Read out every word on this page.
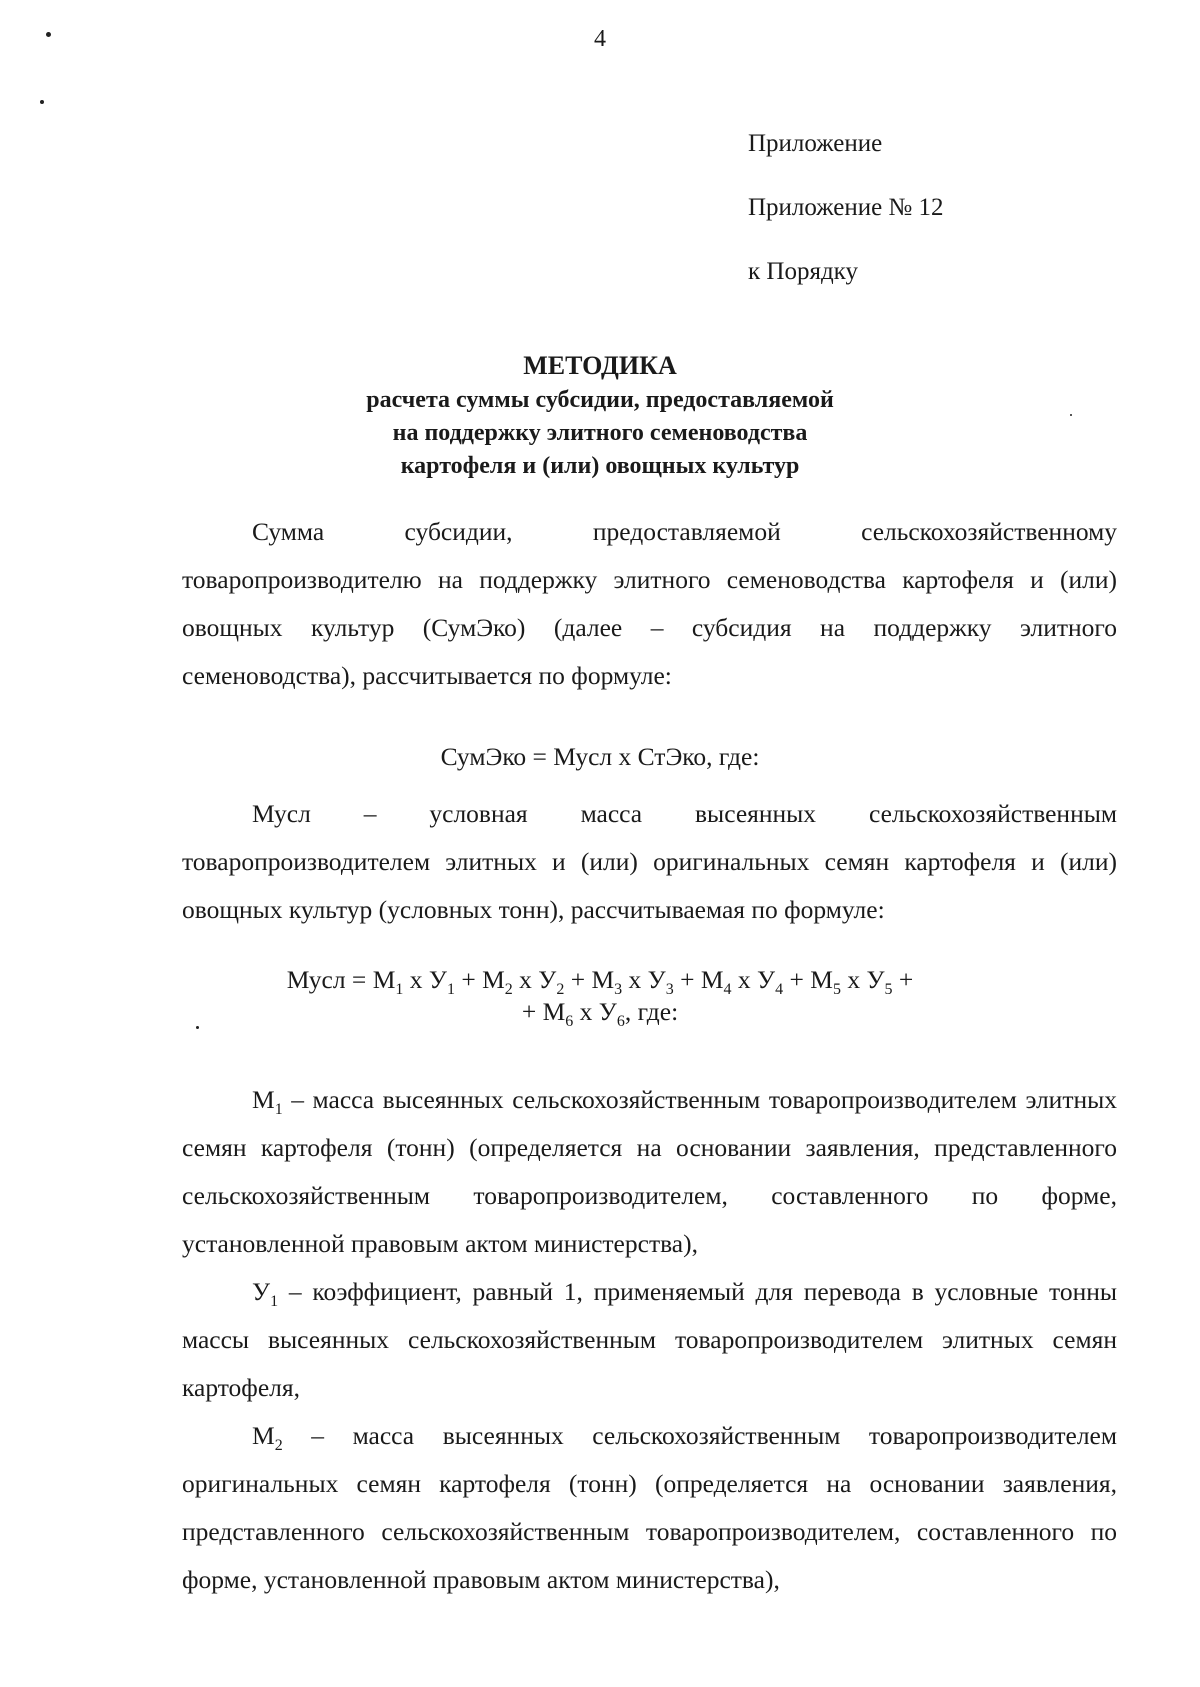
4
Приложение
Приложение № 12
к Порядку
МЕТОДИКА
расчета суммы субсидии, предоставляемой
на поддержку элитного семеноводства
картофеля и (или) овощных культур

Сумма субсидии, предоставляемой сельскохозяйственному товаропроизводителю на поддержку элитного семеноводства картофеля и (или) овощных культур (СумЭко) (далее – субсидия на поддержку элитного семеноводства), рассчитывается по формуле:

СумЭко = Мусл х СтЭко, где:

Мусл – условная масса высеянных сельскохозяйственным товаропроизводителем элитных и (или) оригинальных семян картофеля и (или) овощных культур (условных тонн), рассчитываемая по формуле:

Мусл = $М_1$ х $У_1 + М_2$ х $У_2 + М_3$ х $У_3 + М_4$ х $У_4 + М_5$ х $У_5$ +
+ $М_6$ х $У_6$, где:

$М_1$ – масса высеянных сельскохозяйственным товаропроизводителем элитных семян картофеля (тонн) (определяется на основании заявления, представленного сельскохозяйственным товаропроизводителем, составленного по форме, установленной правовым актом министерства),

$У_1$ – коэффициент, равный 1, применяемый для перевода в условные тонны массы высеянных сельскохозяйственным товаропроизводителем элитных семян картофеля,

$М_2$ – масса высеянных сельскохозяйственным товаропроизводителем оригинальных семян картофеля (тонн) (определяется на основании заявления, представленного сельскохозяйственным товаропроизводителем, составленного по форме, установленной правовым актом министерства),
